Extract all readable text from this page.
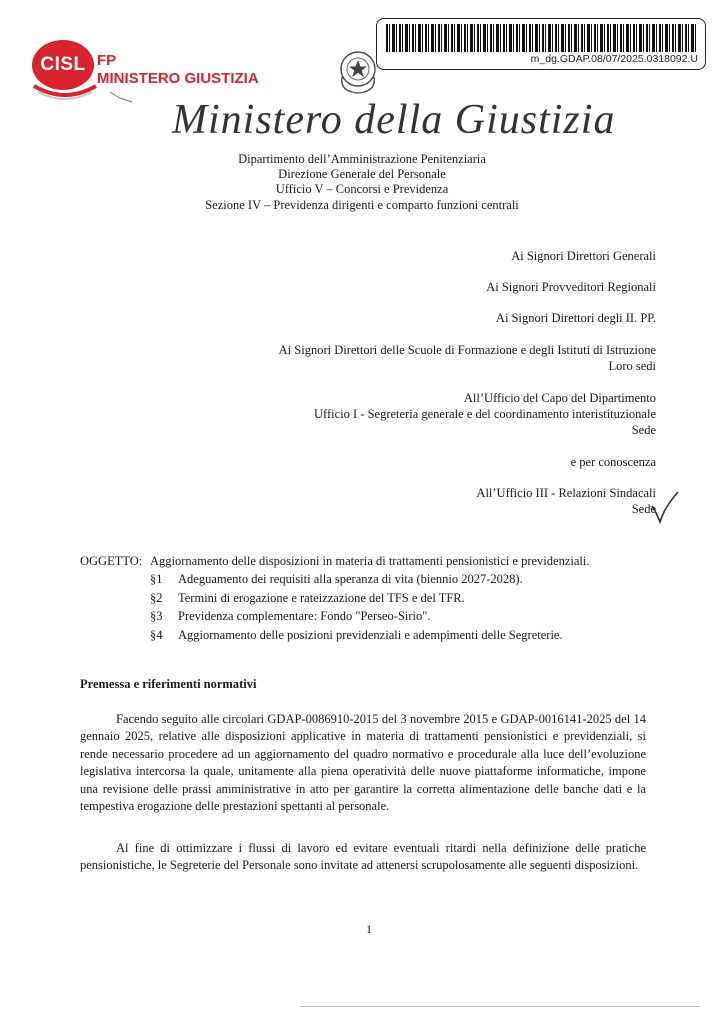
CISL FP
MINISTERO GIUSTIZIA
m_dg.GDAP.08/07/2025.0318092.U
Ministero della Giustizia
Dipartimento dell’Amministrazione Penitenziaria
Direzione Generale del Personale
Ufficio V – Concorsi e Previdenza
Sezione IV – Previdenza dirigenti e comparto funzioni centrali
Ai Signori Direttori Generali
Ai Signori Provveditori Regionali
Ai Signori Direttori degli II. PP.
Ai Signori Direttori delle Scuole di Formazione e degli Istituti di Istruzione
Loro sedi
All’Ufficio del Capo del Dipartimento
Ufficio I - Segreteria generale e del coordinamento interistituzionale
Sede
e per conoscenza
All’Ufficio III - Relazioni Sindacali
Sede
OGGETTO: Aggiornamento delle disposizioni in materia di trattamenti pensionistici e previdenziali.
§1 Adeguamento dei requisiti alla speranza di vita (biennio 2027-2028).
§2 Termini di erogazione e rateizzazione del TFS e del TFR.
§3 Previdenza complementare: Fondo "Perseo-Sirio".
§4 Aggiornamento delle posizioni previdenziali e adempimenti delle Segreterie.
Premessa e riferimenti normativi
Facendo seguito alle circolari GDAP-0086910-2015 del 3 novembre 2015 e GDAP-0016141-2025 del 14 gennaio 2025, relative alle disposizioni applicative in materia di trattamenti pensionistici e previdenziali, si rende necessario procedere ad un aggiornamento del quadro normativo e procedurale alla luce dell’evoluzione legislativa intercorsa la quale, unitamente alla piena operatività delle nuove piattaforme informatiche, impone una revisione delle prassi amministrative in atto per garantire la corretta alimentazione delle banche dati e la tempestiva erogazione delle prestazioni spettanti al personale.
Al fine di ottimizzare i flussi di lavoro ed evitare eventuali ritardi nella definizione delle pratiche pensionistiche, le Segreterie del Personale sono invitate ad attenersi scrupolosamente alle seguenti disposizioni.
1
